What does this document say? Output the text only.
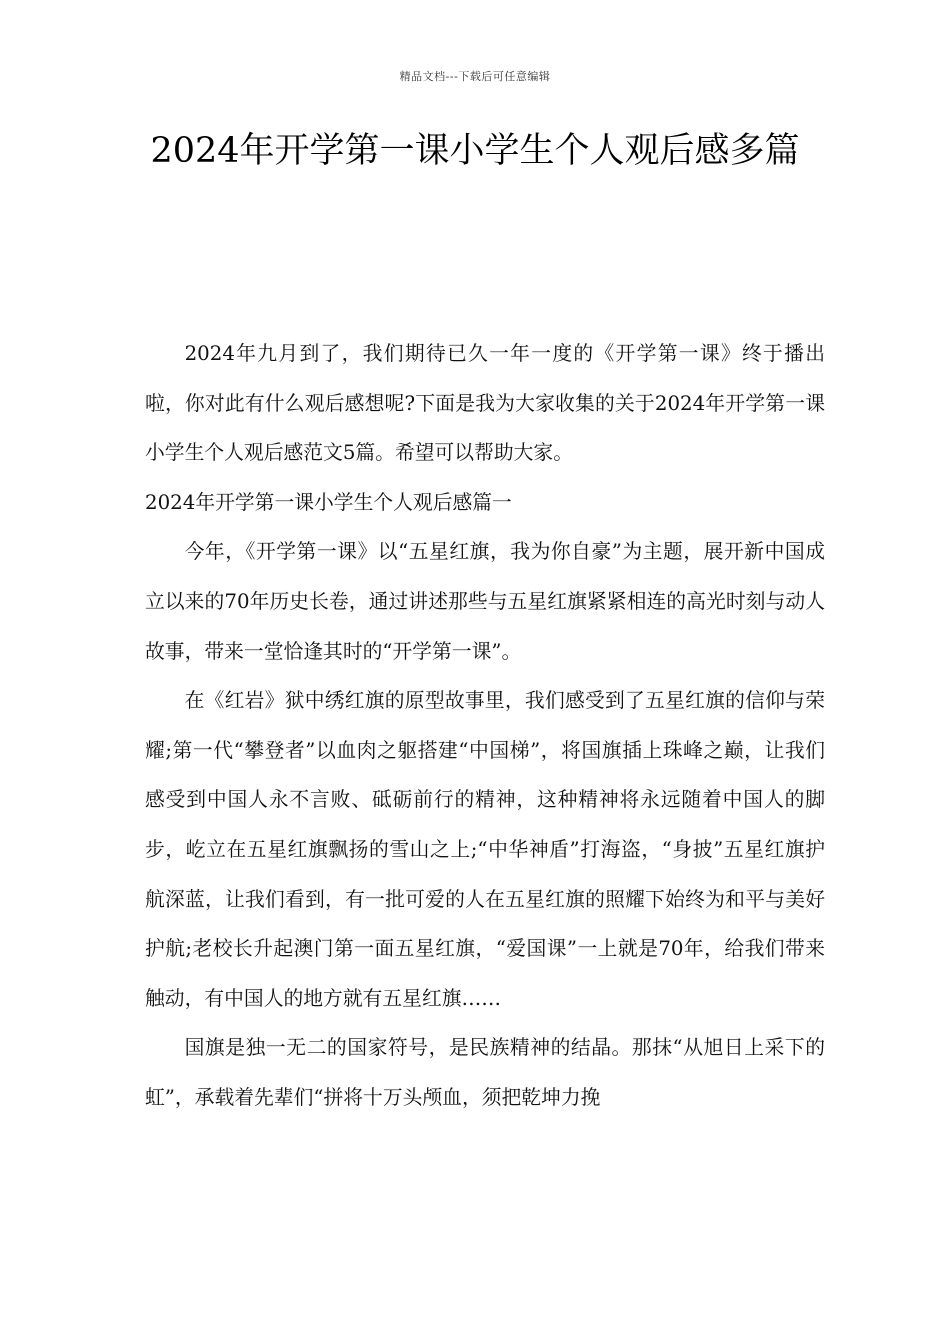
精品文档---下载后可任意编辑
2024年开学第一课小学生个人观后感多篇

2024年九月到了，我们期待已久一年一度的《开学第一课》终于播出啦，你对此有什么观后感想呢?下面是我为大家收集的关于2024年开学第一课小学生个人观后感范文5篇。希望可以帮助大家。

2024年开学第一课小学生个人观后感篇一

今年，《开学第一课》以“五星红旗，我为你自豪”为主题，展开新中国成立以来的70年历史长卷，通过讲述那些与五星红旗紧紧相连的高光时刻与动人故事，带来一堂恰逢其时的“开学第一课”。

在《红岩》狱中绣红旗的原型故事里，我们感受到了五星红旗的信仰与荣耀;第一代“攀登者”以血肉之躯搭建“中国梯”，将国旗插上珠峰之巅，让我们感受到中国人永不言败、砥砺前行的精神，这种精神将永远随着中国人的脚步，屹立在五星红旗飘扬的雪山之上;“中华神盾”打海盗，“身披”五星红旗护航深蓝，让我们看到，有一批可爱的人在五星红旗的照耀下始终为和平与美好护航;老校长升起澳门第一面五星红旗，“爱国课”一上就是70年，给我们带来触动，有中国人的地方就有五星红旗……

国旗是独一无二的国家符号，是民族精神的结晶。那抹“从旭日上采下的虹”，承载着先辈们“拼将十万头颅血，须把乾坤力挽
